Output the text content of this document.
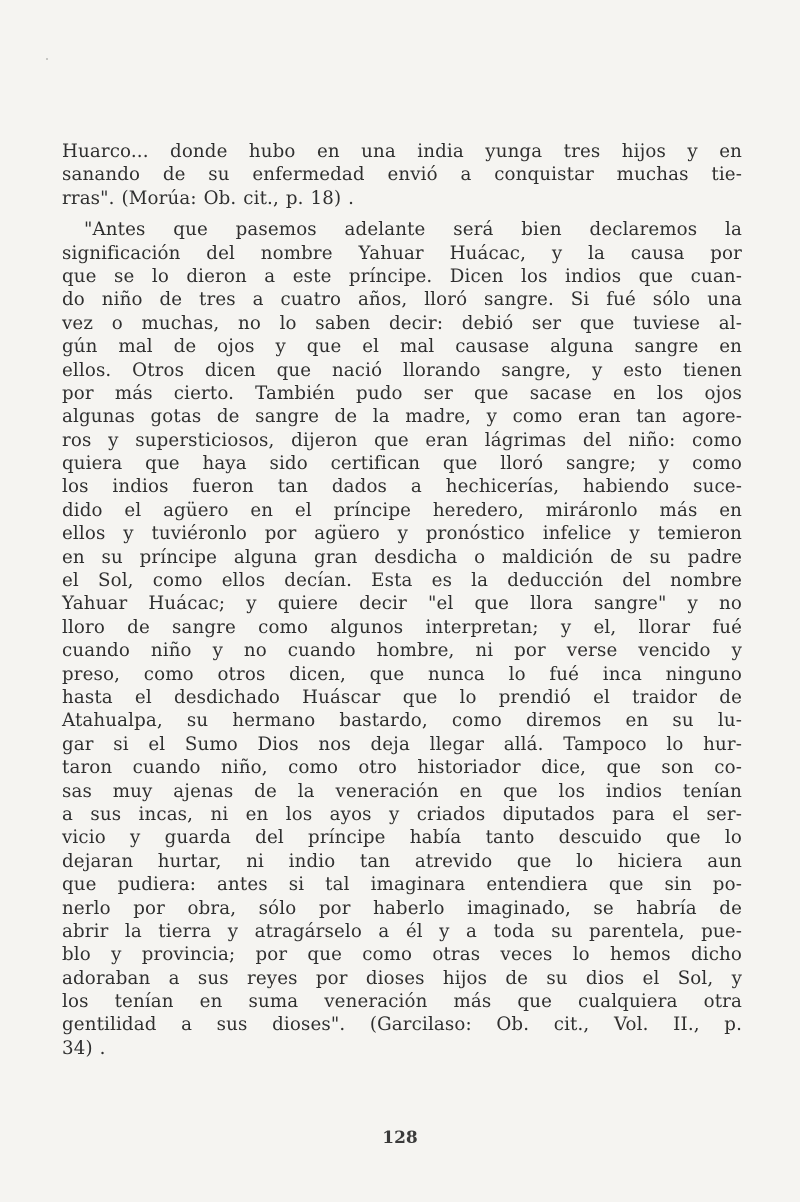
Huarco... donde hubo en una india yunga tres hijos y en
sanando de su enfermedad envió a conquistar muchas tie-
rras". (Morúa: Ob. cit., p. 18) .
"Antes que pasemos adelante será bien declaremos la
significación del nombre Yahuar Huácac, y la causa por
que se lo dieron a este príncipe. Dicen los indios que cuan-
do niño de tres a cuatro años, lloró sangre. Si fué sólo una
vez o muchas, no lo saben decir: debió ser que tuviese al-
gún mal de ojos y que el mal causase alguna sangre en
ellos. Otros dicen que nació llorando sangre, y esto tienen
por más cierto. También pudo ser que sacase en los ojos
algunas gotas de sangre de la madre, y como eran tan agore-
ros y supersticiosos, dijeron que eran lágrimas del niño: como
quiera que haya sido certifican que lloró sangre; y como
los indios fueron tan dados a hechicerías, habiendo suce-
dido el agüero en el príncipe heredero, miráronlo más en
ellos y tuviéronlo por agüero y pronóstico infelice y temieron
en su príncipe alguna gran desdicha o maldición de su padre
el Sol, como ellos decían. Esta es la deducción del nombre
Yahuar Huácac; y quiere decir "el que llora sangre" y no
lloro de sangre como algunos interpretan; y el, llorar fué
cuando niño y no cuando hombre, ni por verse vencido y
preso, como otros dicen, que nunca lo fué inca ninguno
hasta el desdichado Huáscar que lo prendió el traidor de
Atahualpa, su hermano bastardo, como diremos en su lu-
gar si el Sumo Dios nos deja llegar allá. Tampoco lo hur-
taron cuando niño, como otro historiador dice, que son co-
sas muy ajenas de la veneración en que los indios tenían
a sus incas, ni en los ayos y criados diputados para el ser-
vicio y guarda del príncipe había tanto descuido que lo
dejaran hurtar, ni indio tan atrevido que lo hiciera aun
que pudiera: antes si tal imaginara entendiera que sin po-
nerlo por obra, sólo por haberlo imaginado, se habría de
abrir la tierra y atragárselo a él y a toda su parentela, pue-
blo y provincia; por que como otras veces lo hemos dicho
adoraban a sus reyes por dioses hijos de su dios el Sol, y
los tenían en suma veneración más que cualquiera otra
gentilidad a sus dioses". (Garcilaso: Ob. cit., Vol. II., p.
34) .
128
